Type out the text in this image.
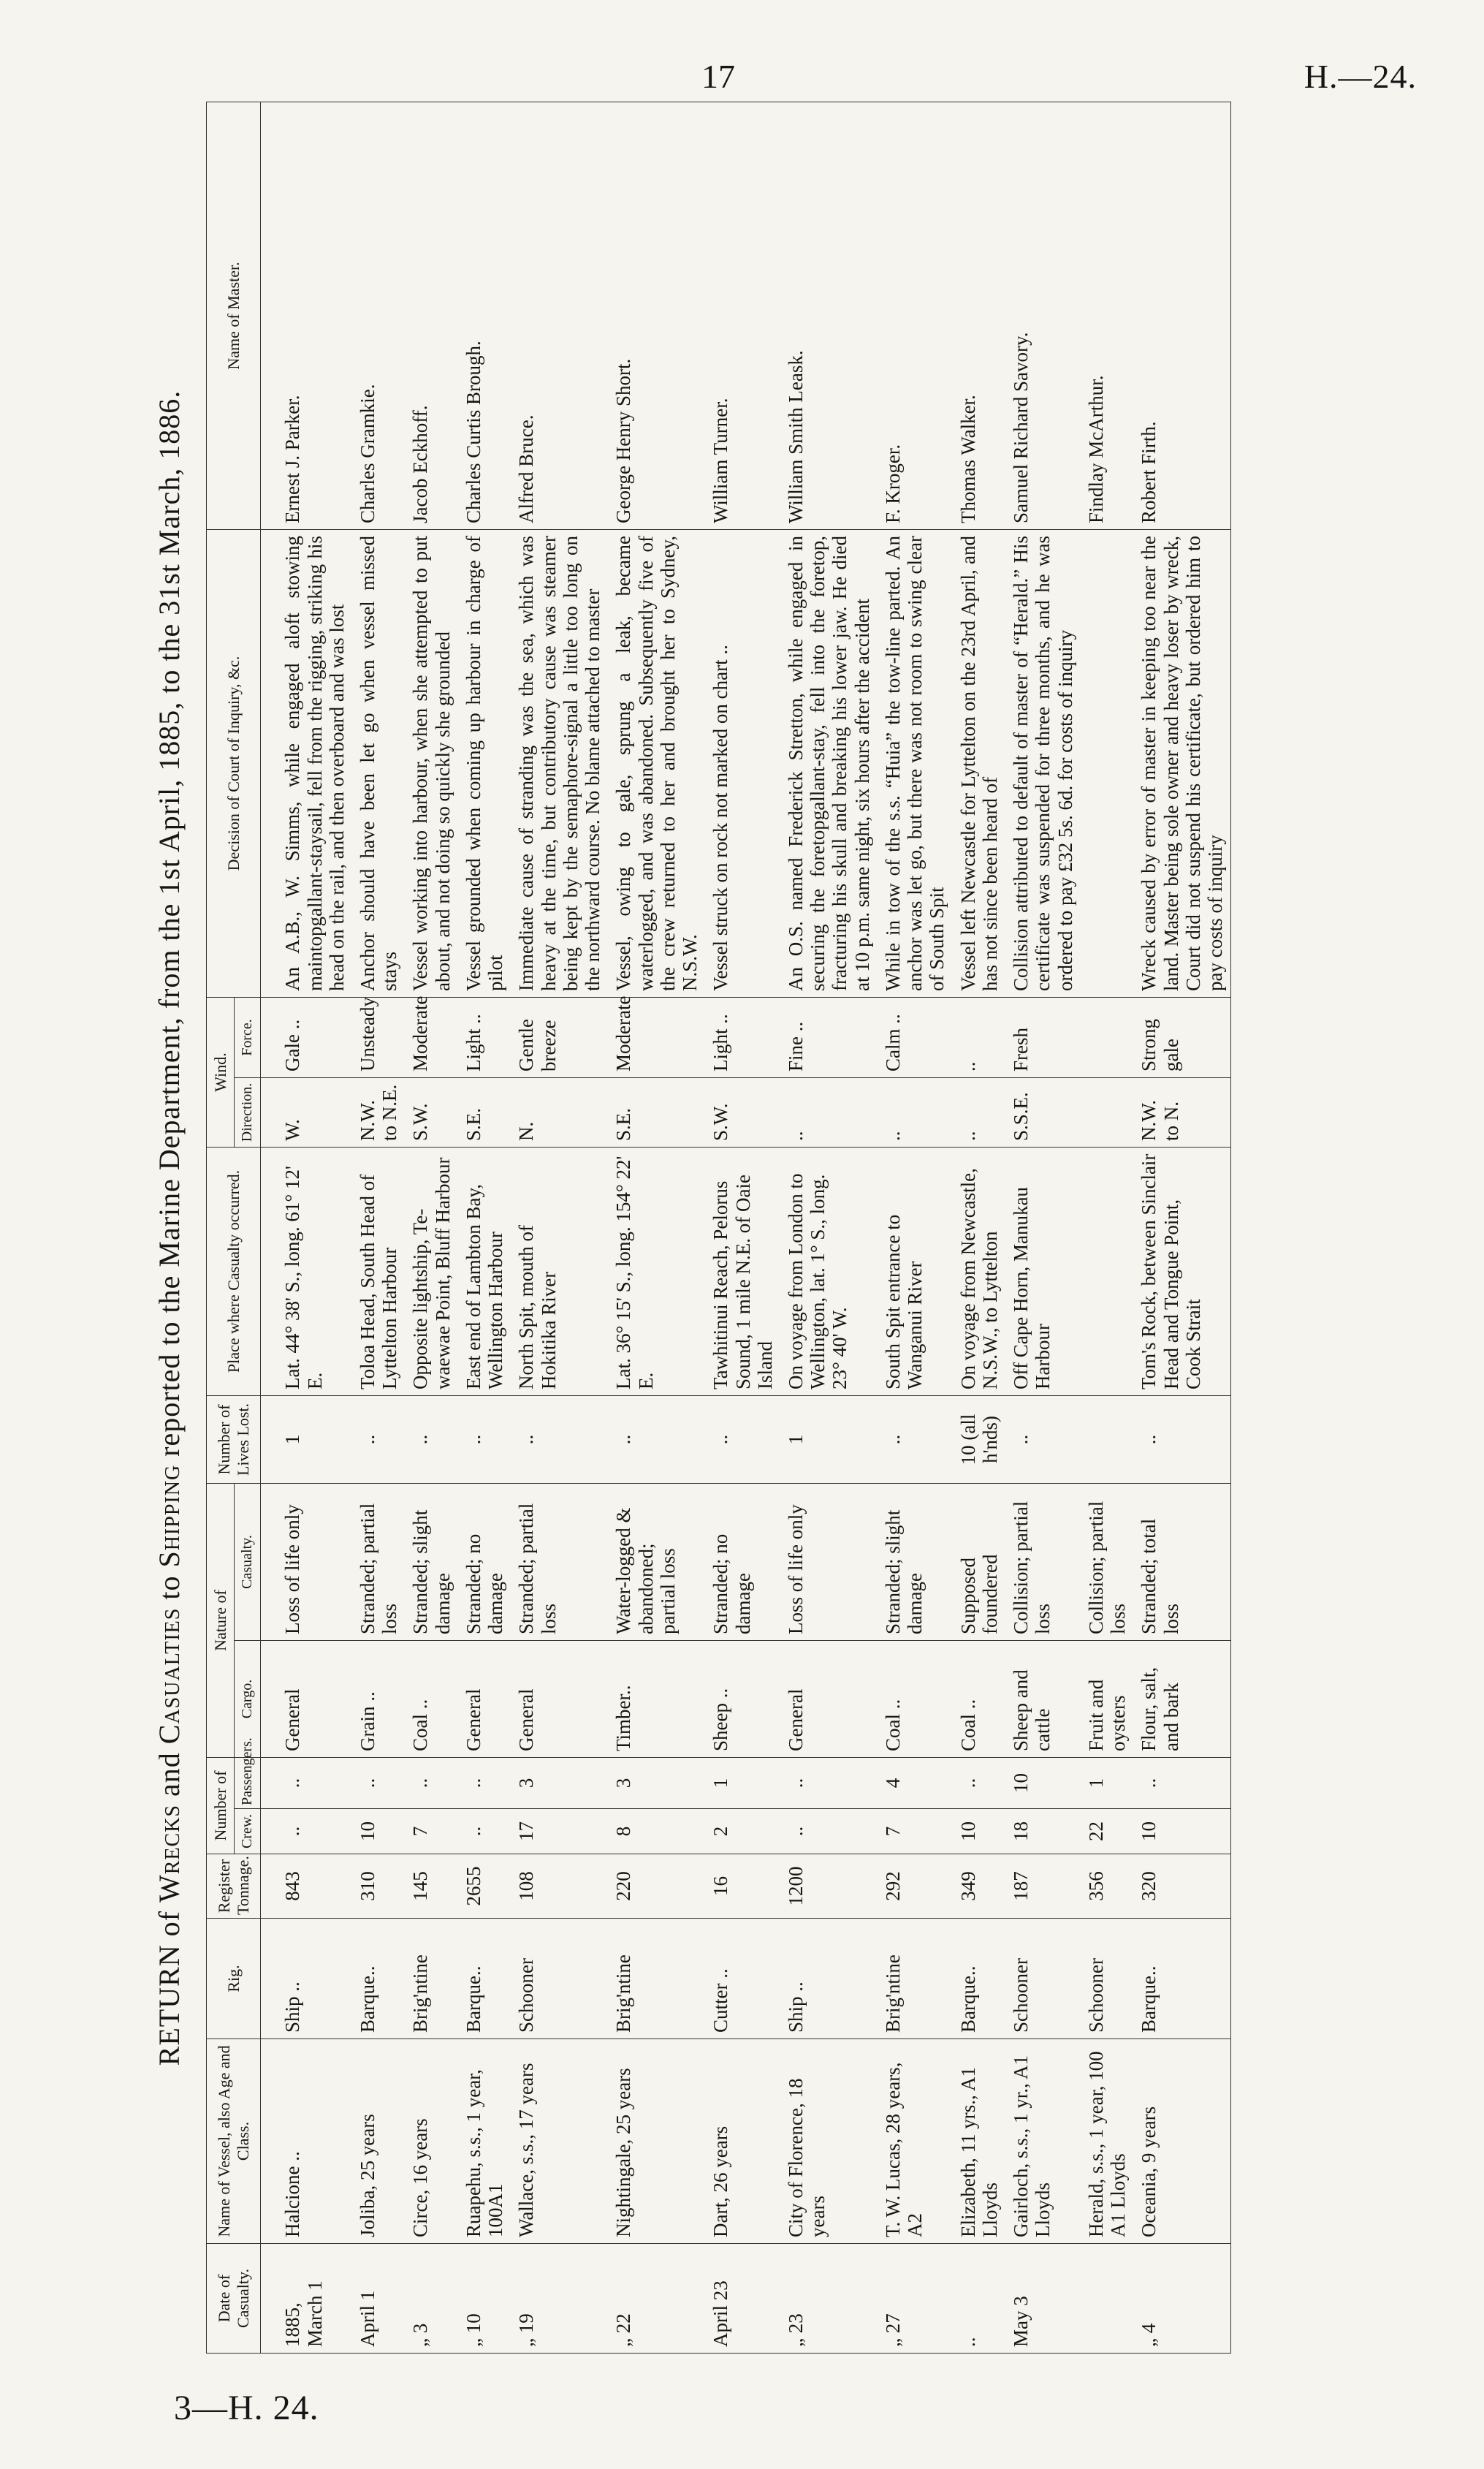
17	H.—24.
3—H. 24.
RETURN of Wrecks and Casualties to Shipping reported to the Marine Department, from the 1st April, 1885, to the 31st March, 1886.
Date of Casualty.	Name of Vessel, also Age and Class.	Rig.	Register Tonnage.	Number of		Nature of		Number of Lives Lost.	Place where Casualty occurred.	Wind.		Decision of Court of Inquiry, &c.	Name of Master.
				Crew.	Passengers.	Cargo.	Casualty.			Direction.	Force.		
1885, March 1	Halcione ..	Ship ..	843	..	..	General	Loss of life only	1	Lat. 44° 38' S., long. 61° 12' E.	W.	Gale ..	An A.B., W. Simms, while engaged aloft stowing maintopgallant-staysail, fell from the rigging, striking his head on the rail, and then overboard and was lost	Ernest J. Parker.
April 1	Joliba, 25 years	Barque..	310	10	..	Grain ..	Stranded; partial loss	..	Toloa Head, South Head of Lyttelton Harbour	N.W. to N.E.	Unsteady	Anchor should have been let go when vessel missed stays	Charles Gramkie.
„ 3	Circe, 16 years	Brig'ntine	145	7	..	Coal ..	Stranded; slight damage	..	Opposite lightship, Te-waewae Point, Bluff Harbour	S.W.	Moderate	Vessel working into harbour, when she attempted to put about, and not doing so quickly she grounded	Jacob Eckhoff.
„ 10	Ruapehu, s.s., 1 year, 100A1	Barque..	2655	..	..	General	Stranded; no damage	..	East end of Lambton Bay, Wellington Harbour	S.E.	Light ..	Vessel grounded when coming up harbour in charge of pilot	Charles Curtis Brough.
„ 19	Wallace, s.s., 17 years	Schooner	108	17	3	General	Stranded; partial loss	..	North Spit, mouth of Hokitika River	N.	Gentle breeze	Immediate cause of stranding was the sea, which was heavy at the time, but contributory cause was steamer being kept by the semaphore-signal a little too long on the northward course. No blame attached to master	Alfred Bruce.
„ 22	Nightingale, 25 years	Brig'ntine	220	8	3	Timber..	Water-logged & abandoned; partial loss	..	Lat. 36° 15' S., long. 154° 22' E.	S.E.	Moderate	Vessel, owing to gale, sprung a leak, became waterlogged, and was abandoned. Subsequently five of the crew returned to her and brought her to Sydney, N.S.W.	George Henry Short.
April 23	Dart, 26 years	Cutter ..	16	2	1	Sheep ..	Stranded; no damage	..	Tawhitinui Reach, Pelorus Sound, 1 mile N.E. of Oaie Island	S.W.	Light ..	Vessel struck on rock not marked on chart ..	William Turner.
„ 23	City of Florence, 18 years	Ship ..	1200	..	..	General	Loss of life only	1	On voyage from London to Wellington, lat. 1° S., long. 23° 40' W.	..	Fine ..	An O.S. named Frederick Stretton, while engaged in securing the foretopgallant-stay, fell into the foretop, fracturing his skull and breaking his lower jaw. He died at 10 p.m. same night, six hours after the accident	William Smith Leask.
„ 27	T. W. Lucas, 28 years, A2	Brig'ntine	292	7	4	Coal ..	Stranded; slight damage	..	South Spit entrance to Wanganui River	..	Calm ..	While in tow of the s.s. “Huia” the tow-line parted. An anchor was let go, but there was not room to swing clear of South Spit	F. Kroger.
..	Elizabeth, 11 yrs., A1 Lloyds	Barque..	349	10	..	Coal ..	Supposed foundered	10 (all h'nds)	On voyage from Newcastle, N.S.W., to Lyttelton	..	..	Vessel left Newcastle for Lyttelton on the 23rd April, and has not since been heard of	Thomas Walker.
May 3	Gairloch, s.s., 1 yr., A1 Lloyds	Schooner	187	18	10	Sheep and cattle	Collision; partial loss	..	Off Cape Horn, Manukau Harbour	S.S.E.	Fresh	Collision attributed to default of master of “Herald.” His certificate was suspended for three months, and he was ordered to pay £32 5s. 6d. for costs of inquiry	Samuel Richard Savory.
	Herald, s.s., 1 year, 100 A1 Lloyds	Schooner	356	22	1	Fruit and oysters	Collision; partial loss						Findlay McArthur.
„ 4	Oceania, 9 years	Barque..	320	10	..	Flour, salt, and bark	Stranded; total loss	..	Tom's Rock, between Sinclair Head and Tongue Point, Cook Strait	N.W. to N.	Strong gale	Wreck caused by error of master in keeping too near the land. Master being sole owner and heavy loser by wreck, Court did not suspend his certificate, but ordered him to pay costs of inquiry	Robert Firth.
